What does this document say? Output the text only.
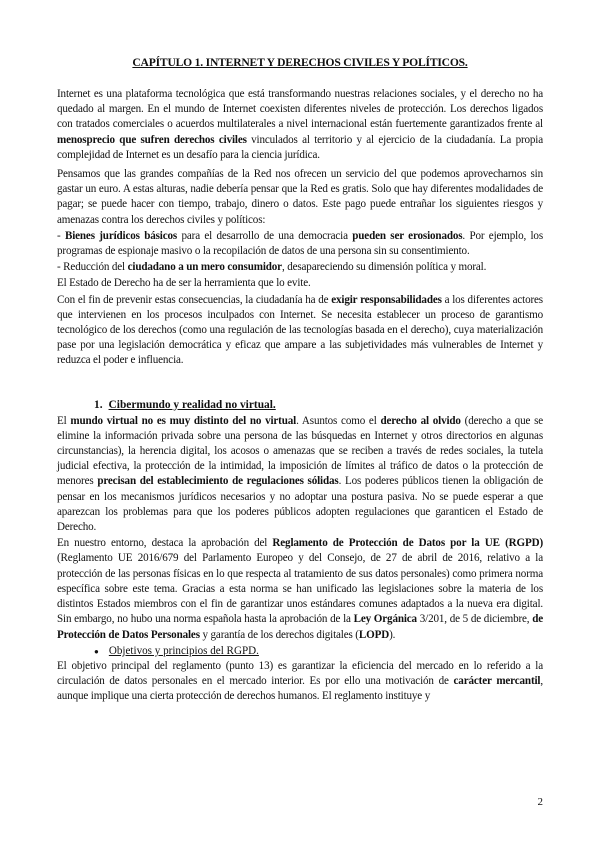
CAPÍTULO 1. INTERNET Y DERECHOS CIVILES Y POLÍTICOS.

Internet es una plataforma tecnológica que está transformando nuestras relaciones sociales, y el derecho no ha quedado al margen. En el mundo de Internet coexisten diferentes niveles de protección. Los derechos ligados con tratados comerciales o acuerdos multilaterales a nivel internacional están fuertemente garantizados frente al menosprecio que sufren derechos civiles vinculados al territorio y al ejercicio de la ciudadanía. La propia complejidad de Internet es un desafío para la ciencia jurídica.

Pensamos que las grandes compañías de la Red nos ofrecen un servicio del que podemos aprovecharnos sin gastar un euro. A estas alturas, nadie debería pensar que la Red es gratis. Solo que hay diferentes modalidades de pagar; se puede hacer con tiempo, trabajo, dinero o datos. Este pago puede entrañar los siguientes riesgos y amenazas contra los derechos civiles y políticos:

- Bienes jurídicos básicos para el desarrollo de una democracia pueden ser erosionados. Por ejemplo, los programas de espionaje masivo o la recopilación de datos de una persona sin su consentimiento.

- Reducción del ciudadano a un mero consumidor, desapareciendo su dimensión política y moral.

El Estado de Derecho ha de ser la herramienta que lo evite.

Con el fin de prevenir estas consecuencias, la ciudadanía ha de exigir responsabilidades a los diferentes actores que intervienen en los procesos inculpados con Internet. Se necesita establecer un proceso de garantismo tecnológico de los derechos (como una regulación de las tecnologías basada en el derecho), cuya materialización pase por una legislación democrática y eficaz que ampare a las subjetividades más vulnerables de Internet y reduzca el poder e influencia.

1. Cibermundo y realidad no virtual.

El mundo virtual no es muy distinto del no virtual. Asuntos como el derecho al olvido (derecho a que se elimine la información privada sobre una persona de las búsquedas en Internet y otros directorios en algunas circunstancias), la herencia digital, los acosos o amenazas que se reciben a través de redes sociales, la tutela judicial efectiva, la protección de la intimidad, la imposición de límites al tráfico de datos o la protección de menores precisan del establecimiento de regulaciones sólidas. Los poderes públicos tienen la obligación de pensar en los mecanismos jurídicos necesarios y no adoptar una postura pasiva. No se puede esperar a que aparezcan los problemas para que los poderes públicos adopten regulaciones que garanticen el Estado de Derecho.

En nuestro entorno, destaca la aprobación del Reglamento de Protección de Datos por la UE (RGPD) (Reglamento UE 2016/679 del Parlamento Europeo y del Consejo, de 27 de abril de 2016, relativo a la protección de las personas físicas en lo que respecta al tratamiento de sus datos personales) como primera norma específica sobre este tema. Gracias a esta norma se han unificado las legislaciones sobre la materia de los distintos Estados miembros con el fin de garantizar unos estándares comunes adaptados a la nueva era digital. Sin embargo, no hubo una norma española hasta la aprobación de la Ley Orgánica 3/201, de 5 de diciembre, de Protección de Datos Personales y garantía de los derechos digitales (LOPD).

● Objetivos y principios del RGPD.

El objetivo principal del reglamento (punto 13) es garantizar la eficiencia del mercado en lo referido a la circulación de datos personales en el mercado interior. Es por ello una motivación de carácter mercantil, aunque implique una cierta protección de derechos humanos. El reglamento instituye y

2
